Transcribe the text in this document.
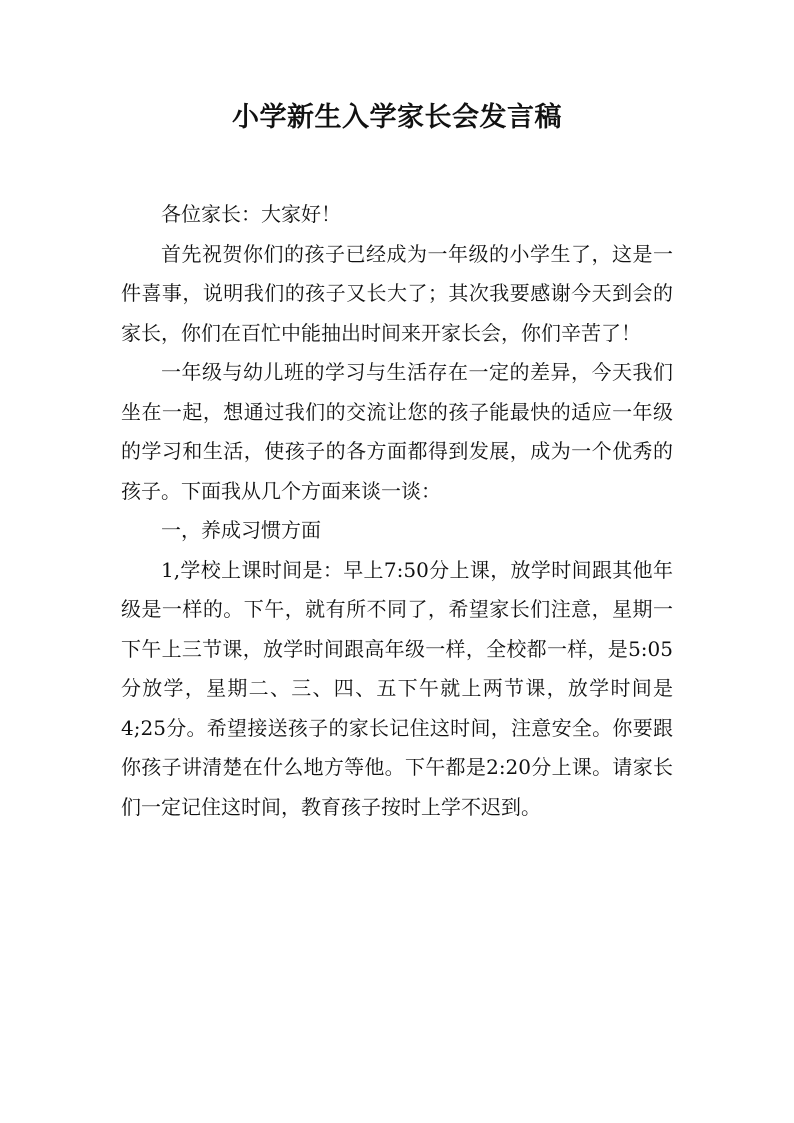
小学新生入学家长会发言稿

各位家长：大家好！

首先祝贺你们的孩子已经成为一年级的小学生了，这是一件喜事，说明我们的孩子又长大了；其次我要感谢今天到会的家长，你们在百忙中能抽出时间来开家长会，你们辛苦了！

一年级与幼儿班的学习与生活存在一定的差异，今天我们坐在一起，想通过我们的交流让您的孩子能最快的适应一年级的学习和生活，使孩子的各方面都得到发展，成为一个优秀的孩子。下面我从几个方面来谈一谈：

一，养成习惯方面

1,学校上课时间是：早上7:50分上课，放学时间跟其他年级是一样的。下午，就有所不同了，希望家长们注意，星期一下午上三节课，放学时间跟高年级一样，全校都一样，是5:05分放学，星期二、三、四、五下午就上两节课，放学时间是4;25分。希望接送孩子的家长记住这时间，注意安全。你要跟你孩子讲清楚在什么地方等他。下午都是2:20分上课。请家长们一定记住这时间，教育孩子按时上学不迟到。
